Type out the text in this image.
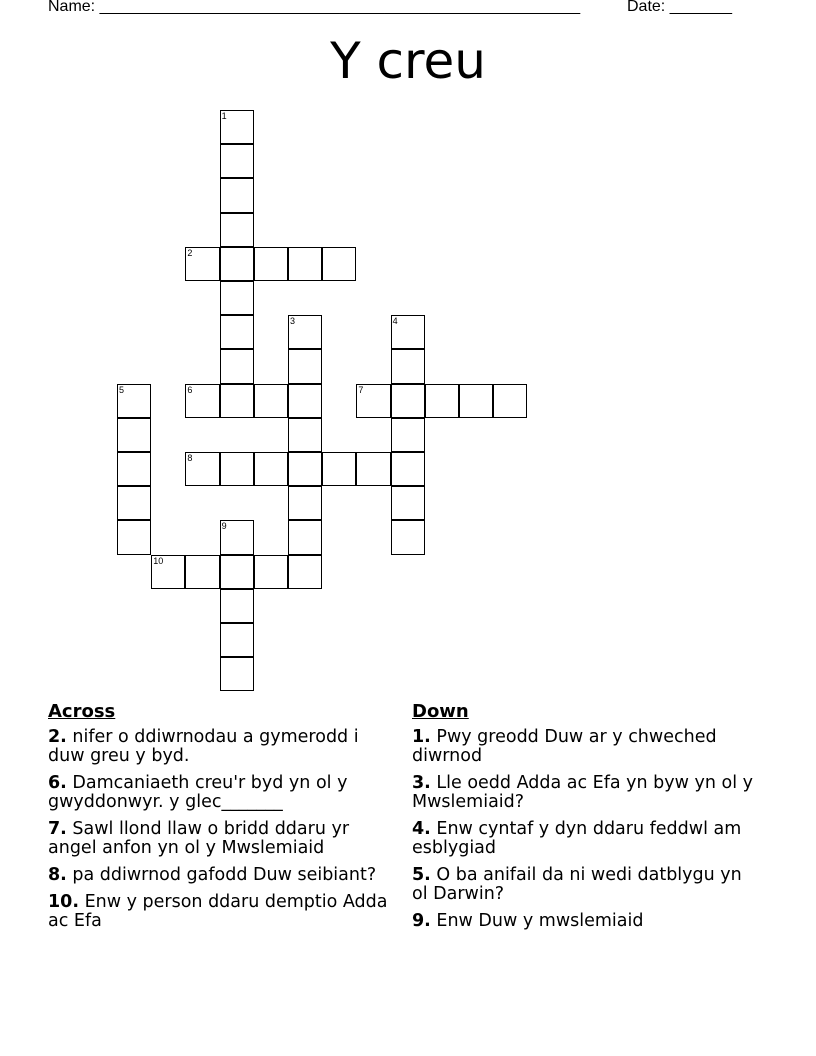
Name: ______________________________________________________	Date: _______
Y creu
1
2
3	4
5	6	7
8
9
10
Across
2. nifer o ddiwrnodau a gymerodd i duw greu y byd.
6. Damcaniaeth creu'r byd yn ol y gwyddonwyr. y glec_______
7. Sawl llond llaw o bridd ddaru yr angel anfon yn ol y Mwslemiaid
8. pa ddiwrnod gafodd Duw seibiant?
10. Enw y person ddaru demptio Adda ac Efa
Down
1. Pwy greodd Duw ar y chweched diwrnod
3. Lle oedd Adda ac Efa yn byw yn ol y Mwslemiaid?
4. Enw cyntaf y dyn ddaru feddwl am esblygiad
5. O ba anifail da ni wedi datblygu yn ol Darwin?
9. Enw Duw y mwslemiaid
